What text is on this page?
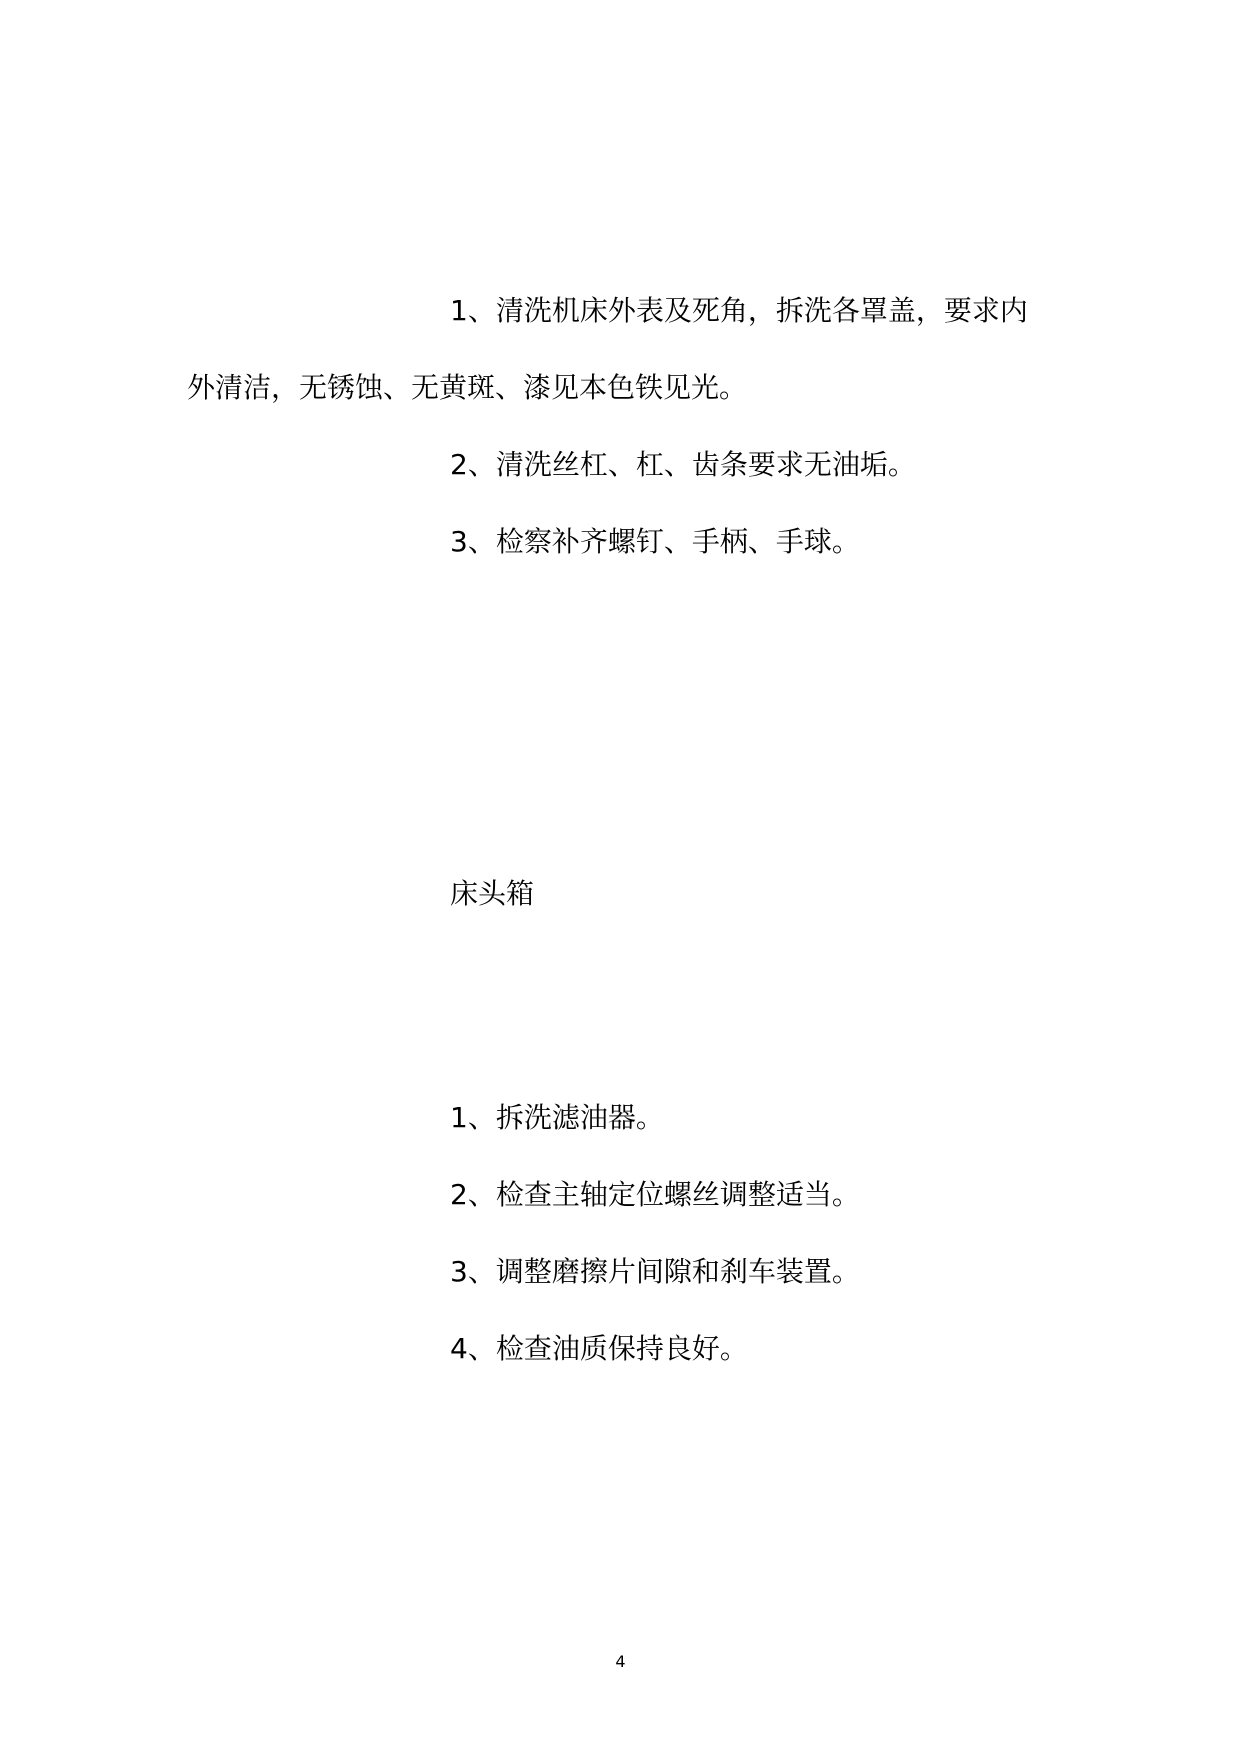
1、清洗机床外表及死角，拆洗各罩盖，要求内

外清洁，无锈蚀、无黄斑、漆见本色铁见光。

2、清洗丝杠、杠、齿条要求无油垢。

3、检察补齐螺钉、手柄、手球。

床头箱

1、拆洗滤油器。

2、检查主轴定位螺丝调整适当。

3、调整磨擦片间隙和刹车装置。

4、检查油质保持良好。

4
